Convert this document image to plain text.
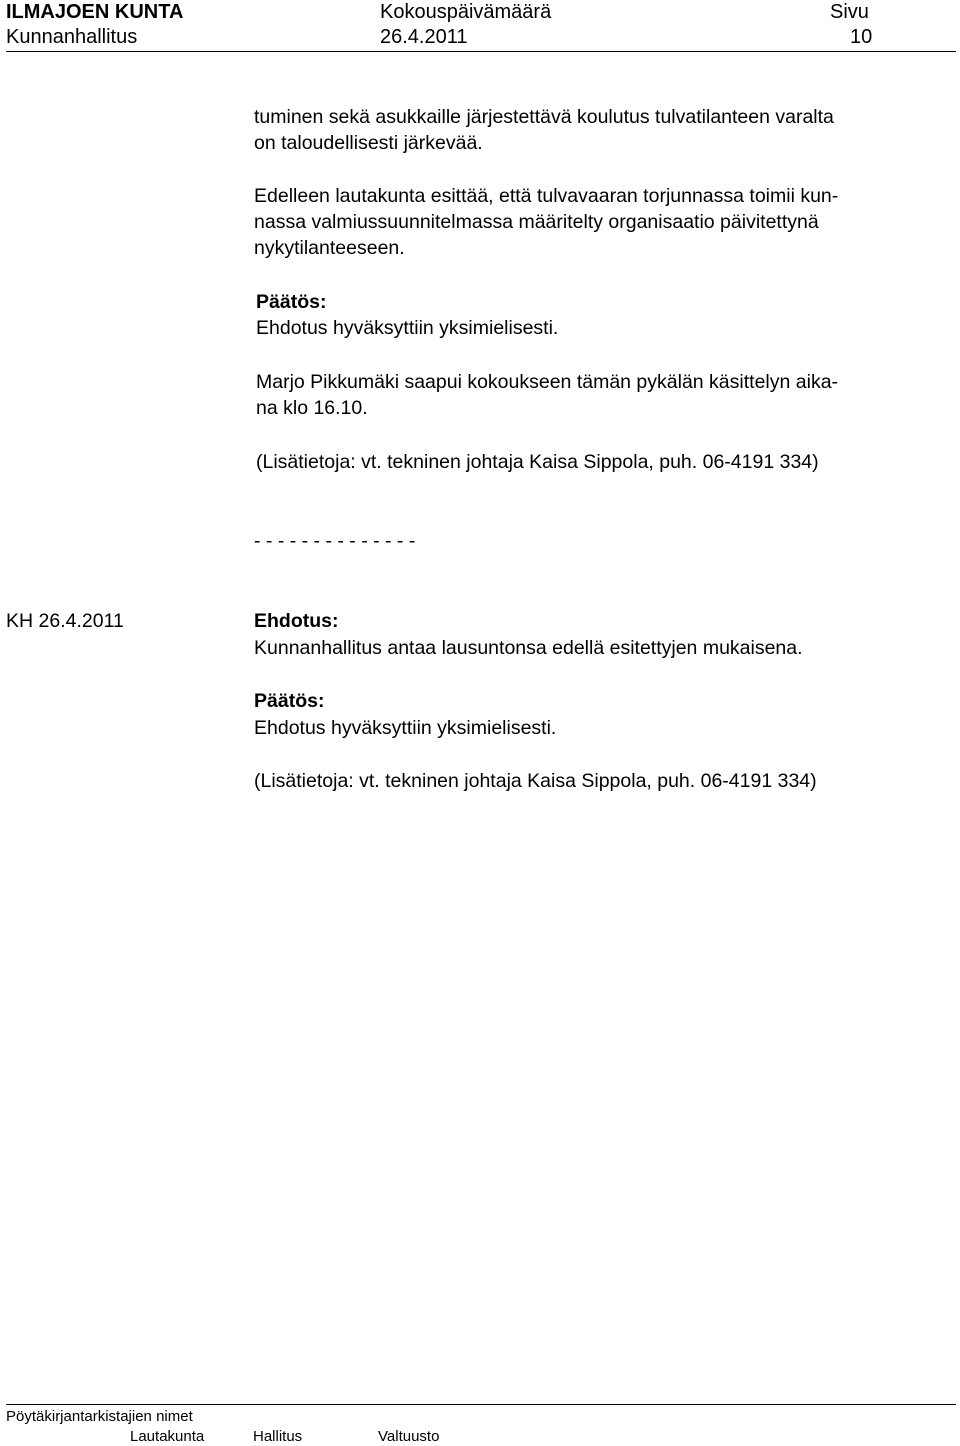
ILMAJOEN KUNTA	Kokouspäivämäärä	Sivu
Kunnanhallitus	26.4.2011	10
tuminen sekä asukkaille järjestettävä koulutus tulvatilanteen varalta
on taloudellisesti järkevää.
Edelleen lautakunta esittää, että tulvavaaran torjunnassa toimii kun-
nassa valmiussuunnitelmassa määritelty organisaatio päivitettynä
nykytilanteeseen.
Päätös:
Ehdotus hyväksyttiin yksimielisesti.
Marjo Pikkumäki saapui kokoukseen tämän pykälän käsittelyn aika-
na klo 16.10.
(Lisätietoja: vt. tekninen johtaja Kaisa Sippola, puh. 06-4191 334)
- - - - - - - - - - - - - -
KH 26.4.2011	Ehdotus:
Kunnanhallitus antaa lausuntonsa edellä esitettyjen mukaisena.
Päätös:
Ehdotus hyväksyttiin yksimielisesti.
(Lisätietoja: vt. tekninen johtaja Kaisa Sippola, puh. 06-4191 334)
Pöytäkirjantarkistajien nimet
Lautakunta	Hallitus	Valtuusto
